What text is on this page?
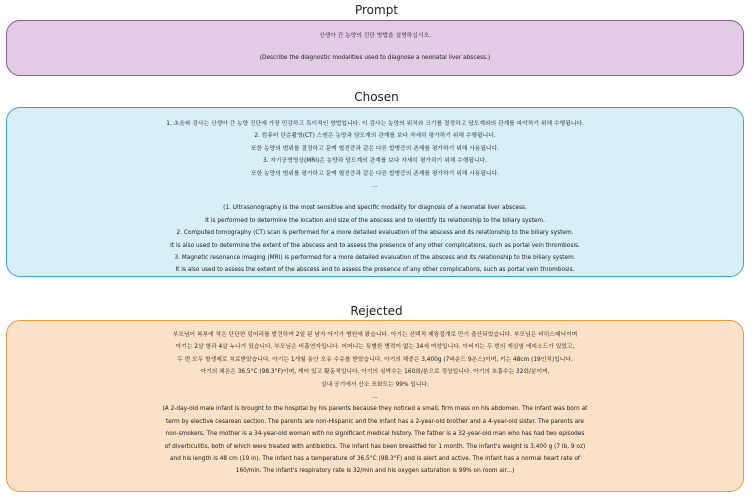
Prompt

신생아 간 농양의 진단 방법을 설명하십시오.

(Describe the diagnostic modalities used to diagnose a neonatal liver abscess.)

Chosen

1. 초음파 검사는 신생아 간 농양 진단에 가장 민감하고 특이적인 방법입니다. 이 검사는 농양의 위치와 크기를 결정하고 담도계와의 관계를 파악하기 위해 수행됩니다.

2. 컴퓨터 단층촬영(CT) 스캔은 농양과 담도계의 관계를 보다 자세히 평가하기 위해 수행됩니다.

또한 농양의 범위를 결정하고 문맥 혈전증과 같은 다른 합병증의 존재를 평가하기 위해 사용됩니다.

3. 자기공명영상(MRI)은 농양과 담도계의 관계를 보다 자세히 평가하기 위해 수행됩니다.

또한 농양의 범위를 평가하고 문맥 혈전증과 같은 다른 합병증의 존재를 평가하기 위해 사용됩니다.

...

(1. Ultrasonography is the most sensitive and specific modality for diagnosis of a neonatal liver abscess.

It is performed to determine the location and size of the abscess and to identify its relationship to the biliary system.

2. Computed tomography (CT) scan is performed for a more detailed evaluation of the abscess and its relationship to the biliary system.

It is also used to determine the extent of the abscess and to assess the presence of any other complications, such as portal vein thrombosis.

3. Magnetic resonance imaging (MRI) is performed for a more detailed evaluation of the abscess and its relationship to the biliary system.

It is also used to assess the extent of the abscess and to assess the presence of any other complications, such as portal vein thrombosis.

Rejected

부모님이 복부에 작은 단단한 덩어리를 발견하여 2일 된 남자 아기가 병원에 왔습니다. 아기는 선택적 제왕절개로 만기 출산되었습니다. 부모님은 비히스패닉이며

아기는 2살 형과 4살 누나가 있습니다. 부모님은 비흡연자입니다. 어머니는 특별한 병력이 없는 34세 여성입니다. 아버지는 두 번의 게실염 에피소드가 있었고,

두 번 모두 항생제로 치료받았습니다. 아기는 1개월 동안 모유 수유를 받았습니다. 아기의 체중은 3,400g (7파운드 9온스)이며, 키는 48cm (19인치)입니다.

아기의 체온은 36.5°C (98.3°F)이며, 깨어 있고 활동적입니다. 아기의 심박수는 160회/분으로 정상입니다. 아기의 호흡수는 32회/분이며,

실내 공기에서 산소 포화도는 99% 입니다.

...

(A 2-day-old male infant is brought to the hospital by his parents because they noticed a small, firm mass on his abdomen. The infant was born at

term by elective cesarean section. The parents are non-Hispanic and the infant has a 2-year-old brother and a 4-year-old sister. The parents are

non-smokers. The mother is a 34-year-old woman with no significant medical history. The father is a 32-year-old man who has had two episodes

of diverticulitis, both of which were treated with antibiotics. The infant has been breastfed for 1 month. The infant's weight is 3,400 g (7 lb, 9 oz)

and his length is 48 cm (19 in). The infant has a temperature of 36.5°C (98.3°F) and is alert and active. The infant has a normal heart rate of

160/min. The infant's respiratory rate is 32/min and his oxygen saturation is 99% on room air...)
